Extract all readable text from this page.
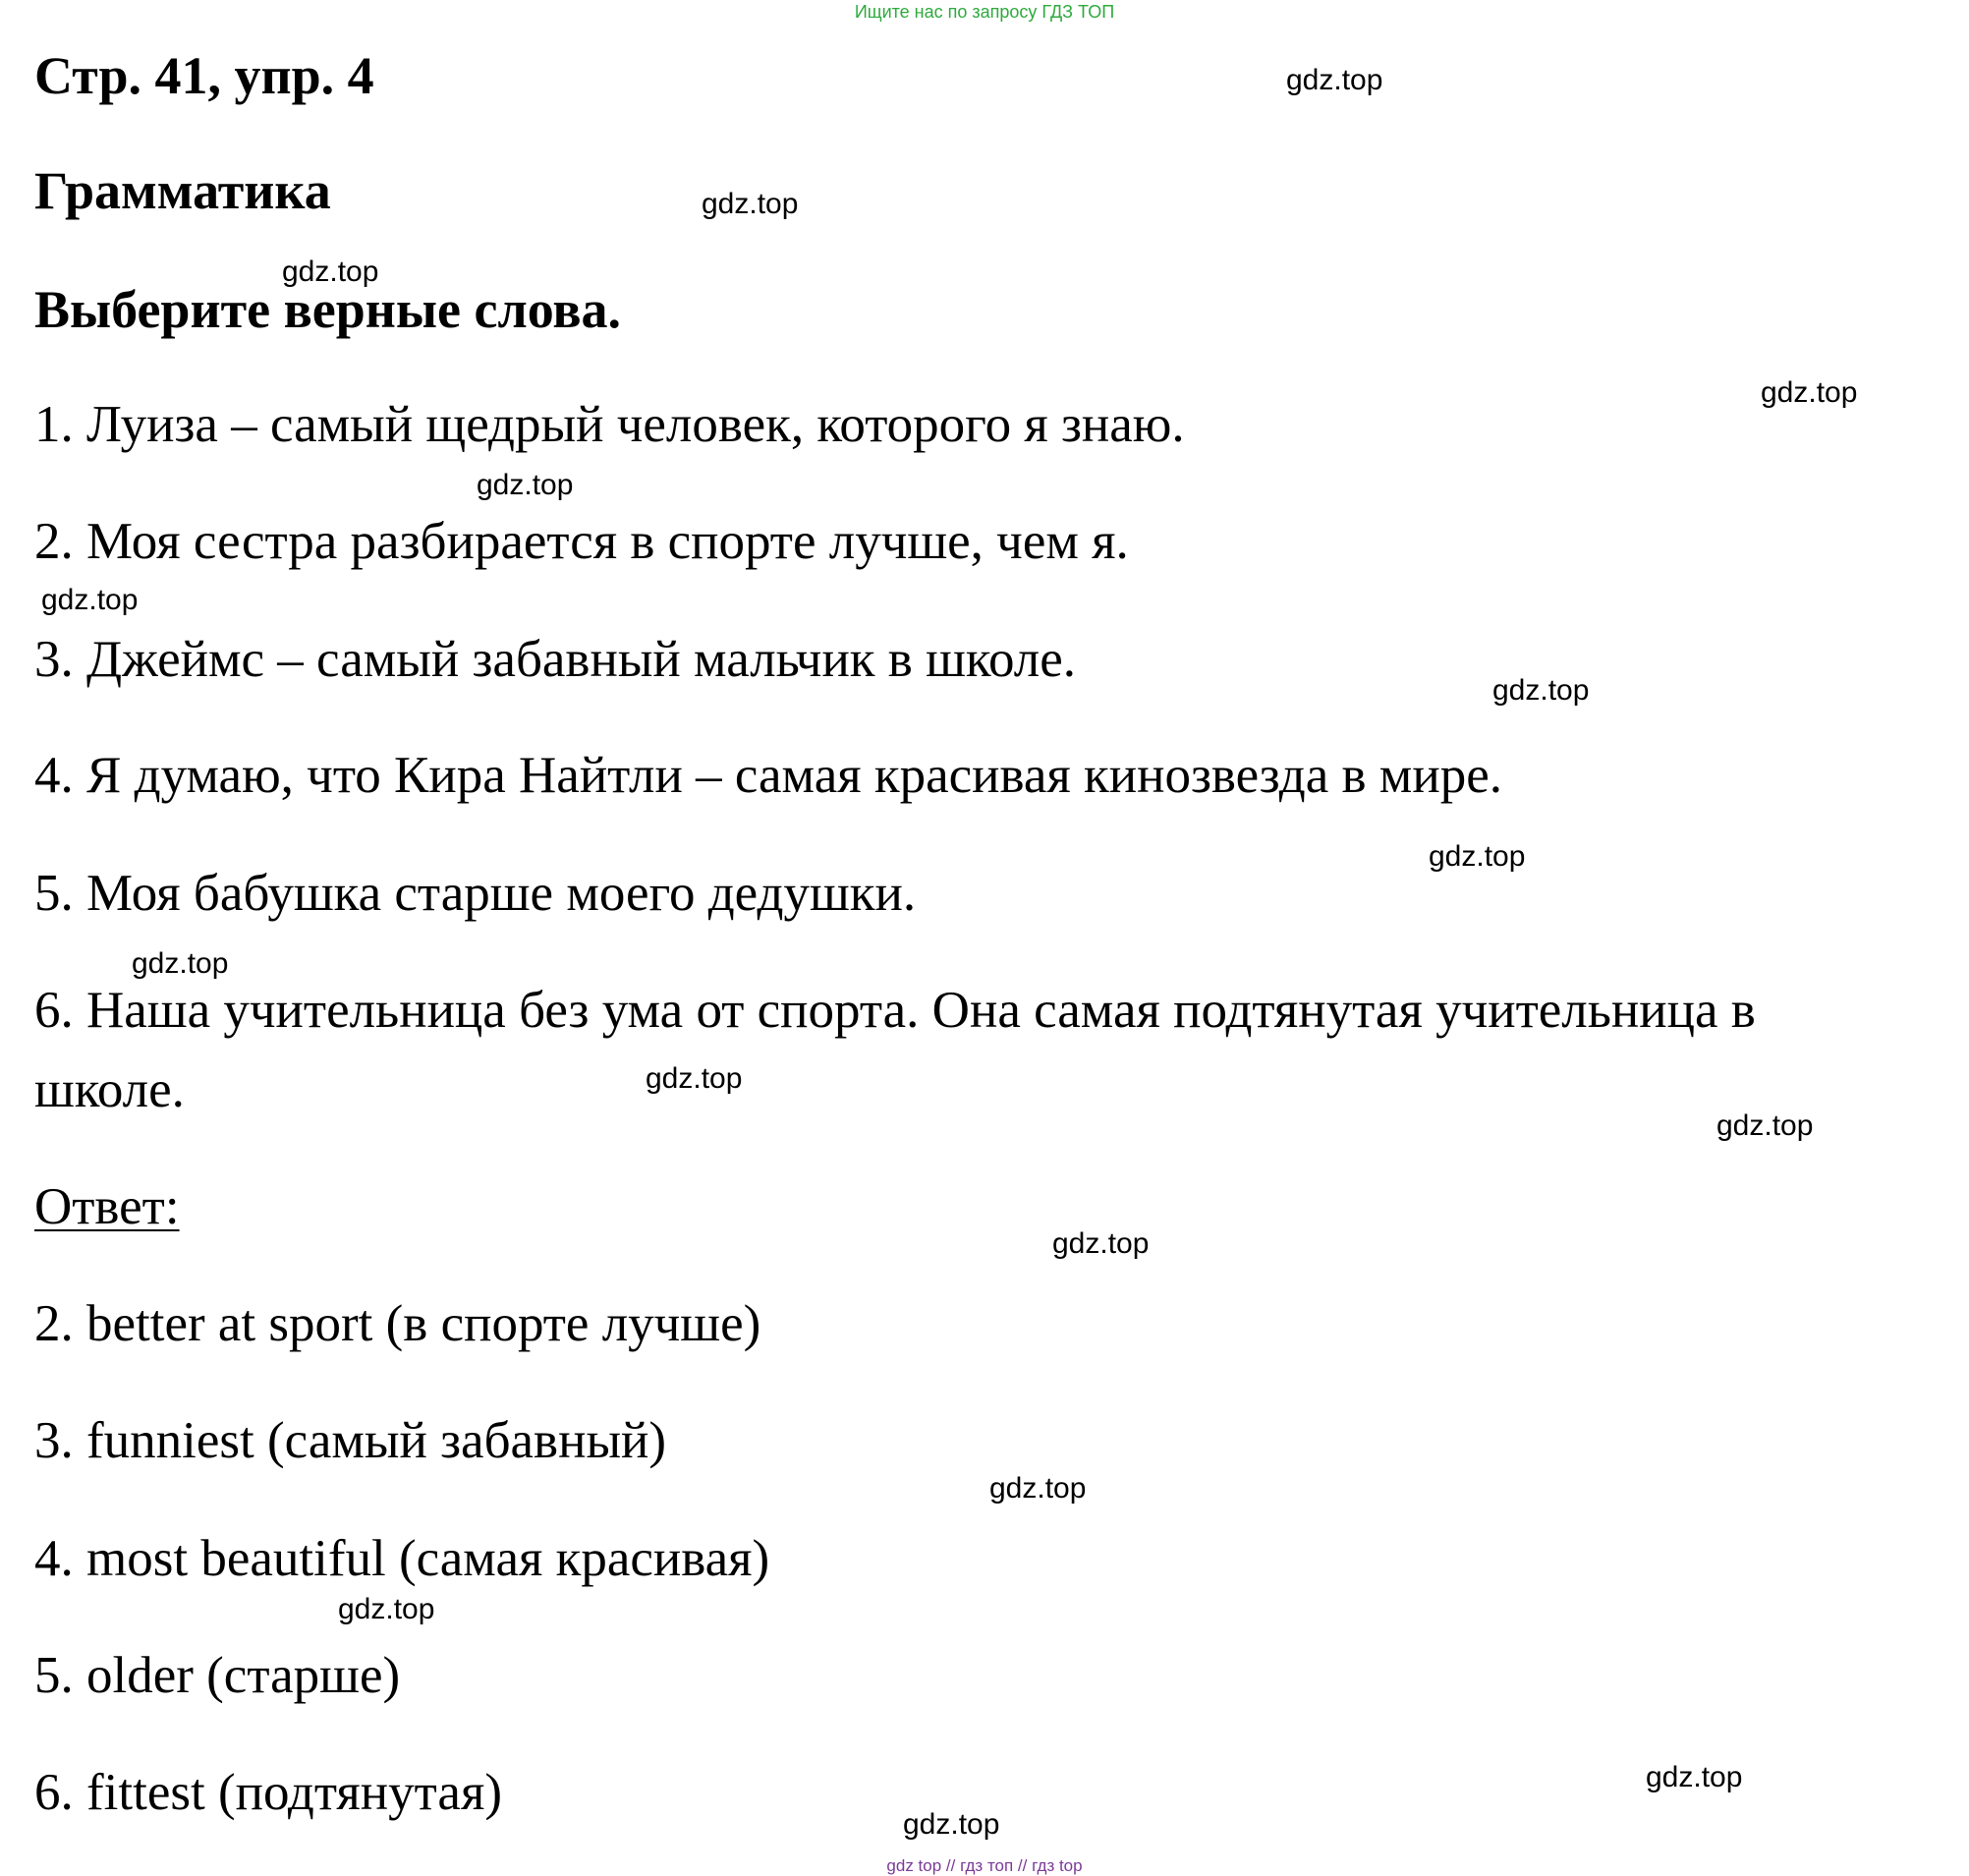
Ищите нас по запросу ГДЗ ТОП
Стр. 41, упр. 4
Грамматика
Выберите верные слова.
1. Луиза – самый щедрый человек, которого я знаю.
2. Моя сестра разбирается в спорте лучше, чем я.
3. Джеймс – самый забавный мальчик в школе.
4. Я думаю, что Кира Найтли – самая красивая кинозвезда в мире.
5. Моя бабушка старше моего дедушки.
6. Наша учительница без ума от спорта. Она самая подтянутая учительница в
школе.
Ответ:
2. better at sport (в спорте лучше)
3. funniest (самый забавный)
4. most beautiful (самая красивая)
5. older (старше)
6. fittest (подтянутая)
gdz.top
gdz.top
gdz.top
gdz.top
gdz.top
gdz.top
gdz.top
gdz.top
gdz.top
gdz.top
gdz.top
gdz.top
gdz.top
gdz.top
gdz.top
gdz.top
gdz top // гдз топ // гдз top
